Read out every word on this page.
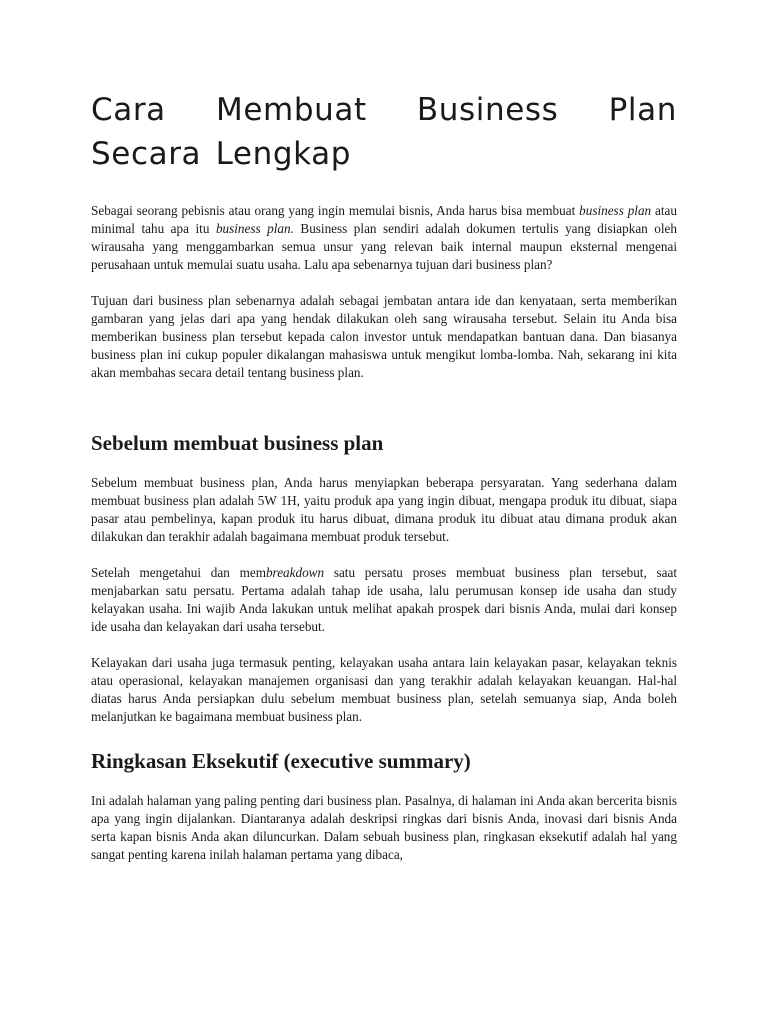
Cara Membuat Business Plan Secara Lengkap

Sebagai seorang pebisnis atau orang yang ingin memulai bisnis, Anda harus bisa membuat business plan atau minimal tahu apa itu business plan. Business plan sendiri adalah dokumen tertulis yang disiapkan oleh wirausaha yang menggambarkan semua unsur yang relevan baik internal maupun eksternal mengenai perusahaan untuk memulai suatu usaha. Lalu apa sebenarnya tujuan dari business plan?

Tujuan dari business plan sebenarnya adalah sebagai jembatan antara ide dan kenyataan, serta memberikan gambaran yang jelas dari apa yang hendak dilakukan oleh sang wirausaha tersebut. Selain itu Anda bisa memberikan business plan tersebut kepada calon investor untuk mendapatkan bantuan dana. Dan biasanya business plan ini cukup populer dikalangan mahasiswa untuk mengikut lomba-lomba. Nah, sekarang ini kita akan membahas secara detail tentang business plan.

Sebelum membuat business plan

Sebelum membuat business plan, Anda harus menyiapkan beberapa persyaratan. Yang sederhana dalam membuat business plan adalah 5W 1H, yaitu produk apa yang ingin dibuat, mengapa produk itu dibuat, siapa pasar atau pembelinya, kapan produk itu harus dibuat, dimana produk itu dibuat atau dimana produk akan dilakukan dan terakhir adalah bagaimana membuat produk tersebut.

Setelah mengetahui dan membreakdown satu persatu proses membuat business plan tersebut, saat menjabarkan satu persatu. Pertama adalah tahap ide usaha, lalu perumusan konsep ide usaha dan study kelayakan usaha. Ini wajib Anda lakukan untuk melihat apakah prospek dari bisnis Anda, mulai dari konsep ide usaha dan kelayakan dari usaha tersebut.

Kelayakan dari usaha juga termasuk penting, kelayakan usaha antara lain kelayakan pasar, kelayakan teknis atau operasional, kelayakan manajemen organisasi dan yang terakhir adalah kelayakan keuangan. Hal-hal diatas harus Anda persiapkan dulu sebelum membuat business plan, setelah semuanya siap, Anda boleh melanjutkan ke bagaimana membuat business plan.

Ringkasan Eksekutif (executive summary)

Ini adalah halaman yang paling penting dari business plan. Pasalnya, di halaman ini Anda akan bercerita bisnis apa yang ingin dijalankan. Diantaranya adalah deskripsi ringkas dari bisnis Anda, inovasi dari bisnis Anda serta kapan bisnis Anda akan diluncurkan. Dalam sebuah business plan, ringkasan eksekutif adalah hal yang sangat penting karena inilah halaman pertama yang dibaca,
